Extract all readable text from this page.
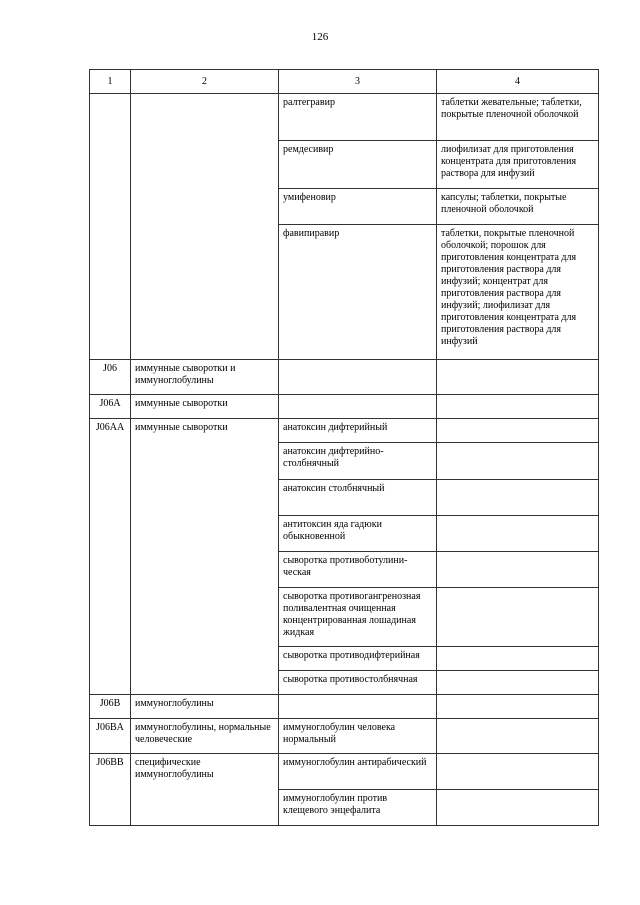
126
1	2	3	4
		ралтегравир	таблетки жевательные; таблетки, покрытые пленочной оболочкой
		ремдесивир	лиофилизат для приготовления концентрата для приготовления раствора для инфузий
		умифеновир	капсулы; таблетки, покрытые пленочной оболочкой
		фавипиравир	таблетки, покрытые пленочной оболочкой; порошок для приготовления концентрата для приготовления раствора для инфузий; концентрат для приготовления раствора для инфузий; лиофилизат для приготовления концентрата для приготовления раствора для инфузий
J06	иммунные сыворотки и иммуноглобулины		
J06A	иммунные сыворотки		
J06AA	иммунные сыворотки	анатоксин дифтерийный	
		анатоксин дифтерийно-столбнячный	
		анатоксин столбнячный	
		антитоксин яда гадюки обыкновенной	
		сыворотка противоботулини-ческая	
		сыворотка противогангренозная поливалентная очищенная концентрированная лошадиная жидкая	
		сыворотка противодифтерийная	
		сыворотка противостолбнячная	
J06B	иммуноглобулины		
J06BA	иммуноглобулины, нормальные человеческие	иммуноглобулин человека нормальный	
J06BB	специфические иммуноглобулины	иммуноглобулин антирабический	
		иммуноглобулин против клещевого энцефалита	
